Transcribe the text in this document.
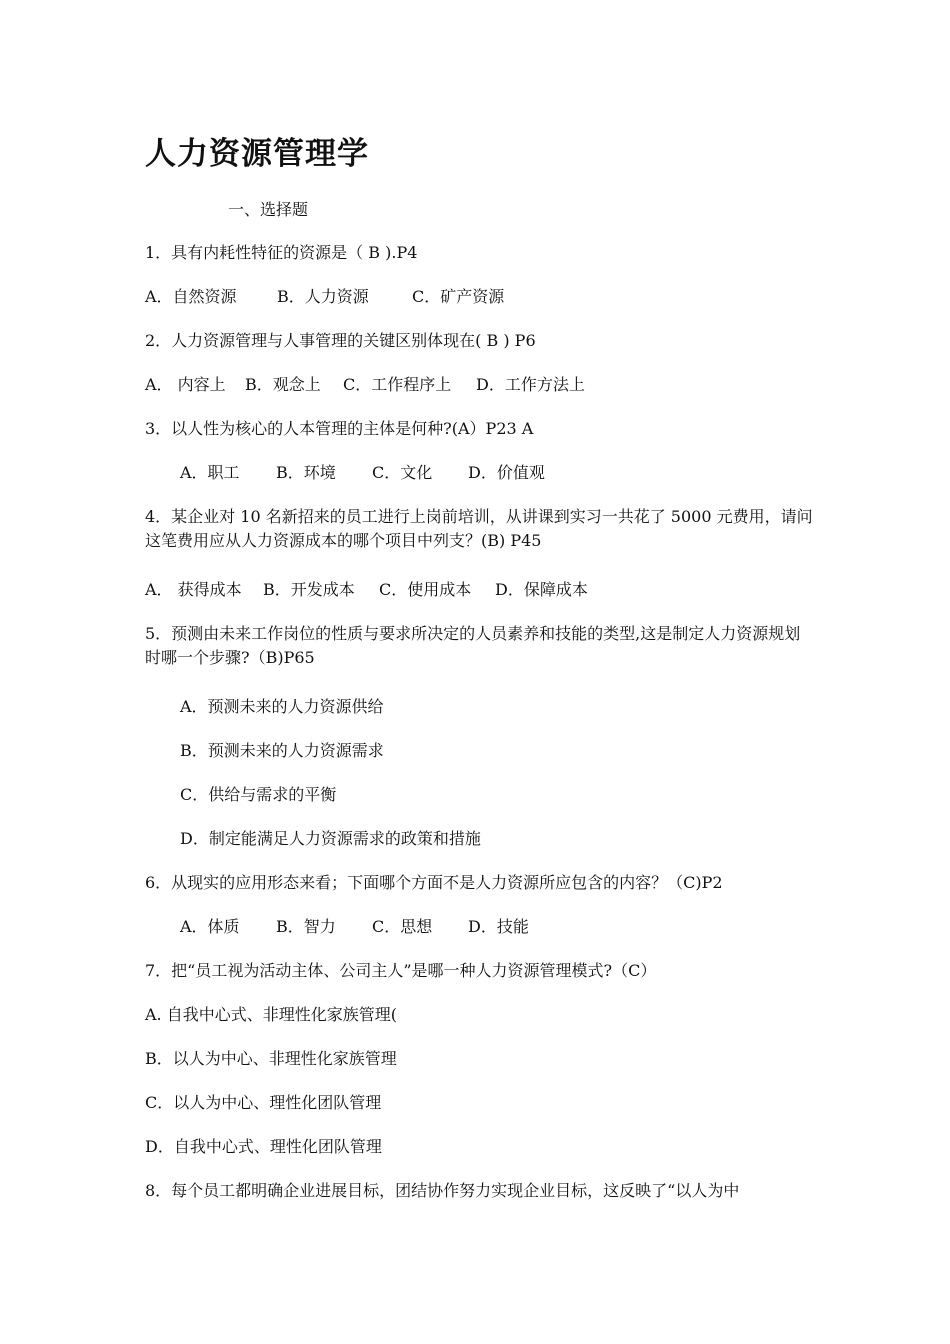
人力资源管理学
一、选择题
1．具有内耗性特征的资源是（ B ).P4
A．自然资源	B．人力资源	C．矿产资源
2．人力资源管理与人事管理的关键区别体现在( B ) P6
A． 内容上 B．观念上 C．工作程序上 D．工作方法上
3．以人性为核心的人本管理的主体是何种?(A）P23 A
A．职工 B．环境 C．文化 D．价值观
4．某企业对 10 名新招来的员工进行上岗前培训，从讲课到实习一共花了 5000 元费用，请问这笔费用应从人力资源成本的哪个项目中列支？(B) P45
A． 获得成本 B．开发成本 C．使用成本 D．保障成本
5．预测由未来工作岗位的性质与要求所决定的人员素养和技能的类型,这是制定人力资源规划时哪一个步骤?（B)P65
A．预测未来的人力资源供给
B．预测未来的人力资源需求
C．供给与需求的平衡
D．制定能满足人力资源需求的政策和措施
6．从现实的应用形态来看；下面哪个方面不是人力资源所应包含的内容？（C)P2
A．体质 B．智力 C．思想 D．技能
7．把“员工视为活动主体、公司主人”是哪一种人力资源管理模式?（C）
A. 自我中心式、非理性化家族管理(
B．以人为中心、非理性化家族管理
C．以人为中心、理性化团队管理
D．自我中心式、理性化团队管理
8．每个员工都明确企业进展目标，团结协作努力实现企业目标，这反映了“以人为中
